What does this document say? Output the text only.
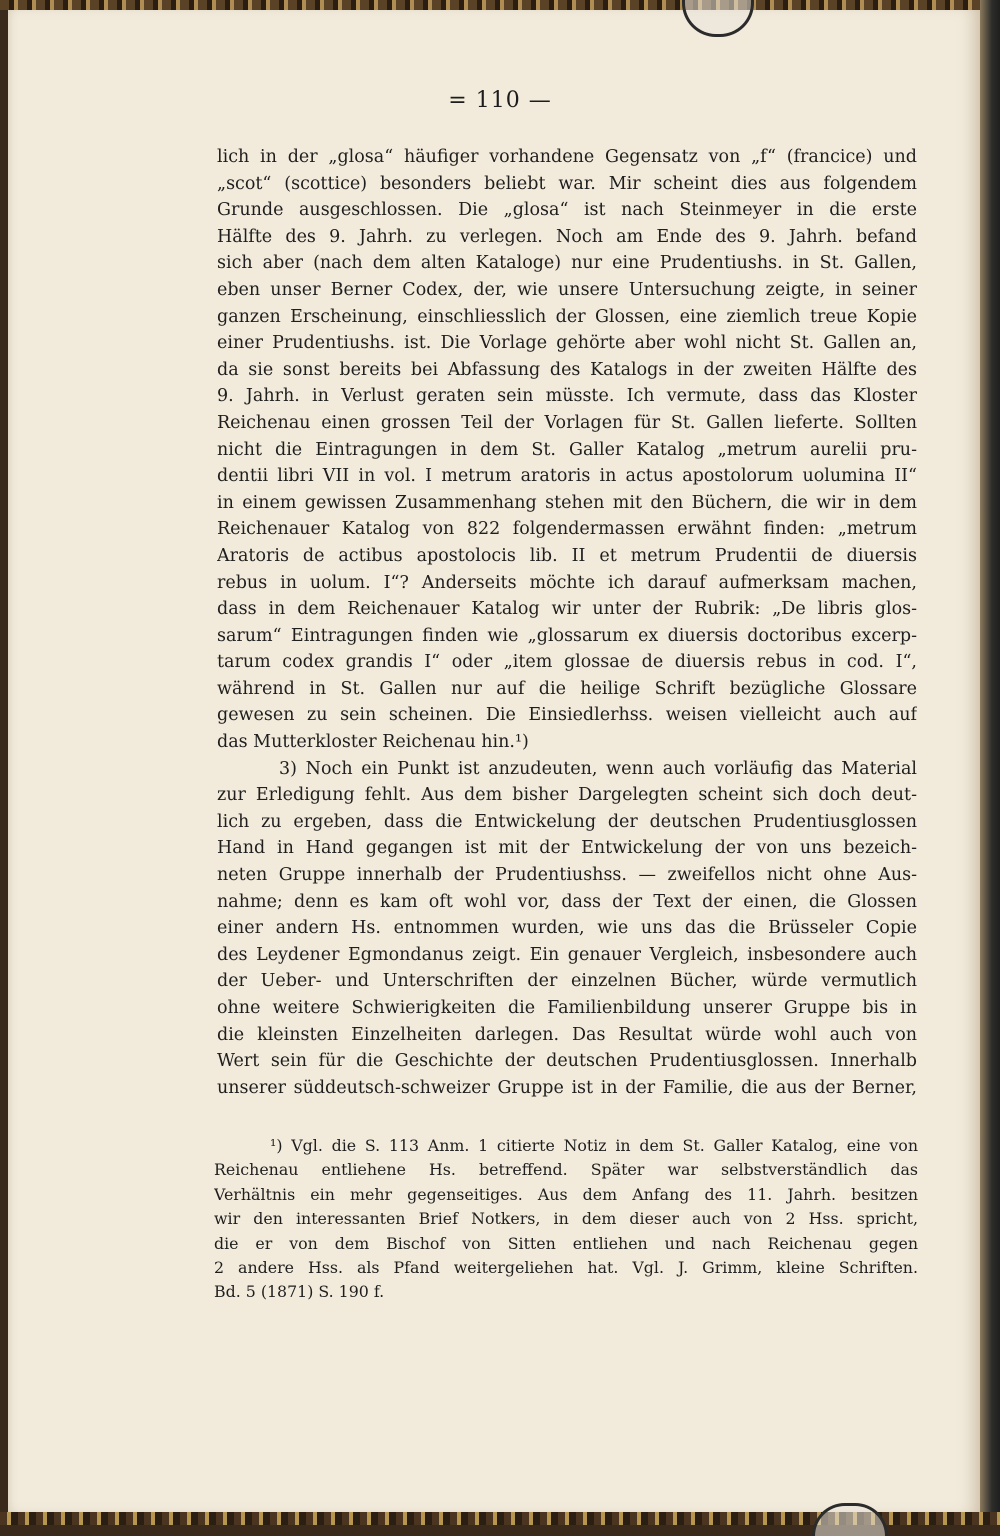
= 110 —
lich in der „glosa“ häufiger vorhandene Gegensatz von „f“ (francice) und
„scot“ (scottice) besonders beliebt war. Mir scheint dies aus folgendem
Grunde ausgeschlossen. Die „glosa“ ist nach Steinmeyer in die erste
Hälfte des 9. Jahrh. zu verlegen. Noch am Ende des 9. Jahrh. befand
sich aber (nach dem alten Kataloge) nur eine Prudentiushs. in St. Gallen,
eben unser Berner Codex, der, wie unsere Untersuchung zeigte, in seiner
ganzen Erscheinung, einschliesslich der Glossen, eine ziemlich treue Kopie
einer Prudentiushs. ist. Die Vorlage gehörte aber wohl nicht St. Gallen an,
da sie sonst bereits bei Abfassung des Katalogs in der zweiten Hälfte des
9. Jahrh. in Verlust geraten sein müsste. Ich vermute, dass das Kloster
Reichenau einen grossen Teil der Vorlagen für St. Gallen lieferte. Sollten
nicht die Eintragungen in dem St. Galler Katalog „metrum aurelii pru-
dentii libri VII in vol. I metrum aratoris in actus apostolorum uolumina II“
in einem gewissen Zusammenhang stehen mit den Büchern, die wir in dem
Reichenauer Katalog von 822 folgendermassen erwähnt finden: „metrum
Aratoris de actibus apostolocis lib. II et metrum Prudentii de diuersis
rebus in uolum. I“? Anderseits möchte ich darauf aufmerksam machen,
dass in dem Reichenauer Katalog wir unter der Rubrik: „De libris glos-
sarum“ Eintragungen finden wie „glossarum ex diuersis doctoribus excerp-
tarum codex grandis I“ oder „item glossae de diuersis rebus in cod. I“,
während in St. Gallen nur auf die heilige Schrift bezügliche Glossare
gewesen zu sein scheinen. Die Einsiedlerhss. weisen vielleicht auch auf
das Mutterkloster Reichenau hin.¹)
3) Noch ein Punkt ist anzudeuten, wenn auch vorläufig das Material
zur Erledigung fehlt. Aus dem bisher Dargelegten scheint sich doch deut-
lich zu ergeben, dass die Entwickelung der deutschen Prudentiusglossen
Hand in Hand gegangen ist mit der Entwickelung der von uns bezeich-
neten Gruppe innerhalb der Prudentiushss. — zweifellos nicht ohne Aus-
nahme; denn es kam oft wohl vor, dass der Text der einen, die Glossen
einer andern Hs. entnommen wurden, wie uns das die Brüsseler Copie
des Leydener Egmondanus zeigt. Ein genauer Vergleich, insbesondere auch
der Ueber- und Unterschriften der einzelnen Bücher, würde vermutlich
ohne weitere Schwierigkeiten die Familienbildung unserer Gruppe bis in
die kleinsten Einzelheiten darlegen. Das Resultat würde wohl auch von
Wert sein für die Geschichte der deutschen Prudentiusglossen. Innerhalb
unserer süddeutsch-schweizer Gruppe ist in der Familie, die aus der Berner,
¹) Vgl. die S. 113 Anm. 1 citierte Notiz in dem St. Galler Katalog, eine von
Reichenau entliehene Hs. betreffend. Später war selbstverständlich das
Verhältnis ein mehr gegenseitiges. Aus dem Anfang des 11. Jahrh. besitzen
wir den interessanten Brief Notkers, in dem dieser auch von 2 Hss. spricht,
die er von dem Bischof von Sitten entliehen und nach Reichenau gegen
2 andere Hss. als Pfand weitergeliehen hat. Vgl. J. Grimm, kleine Schriften.
Bd. 5 (1871) S. 190 f.
